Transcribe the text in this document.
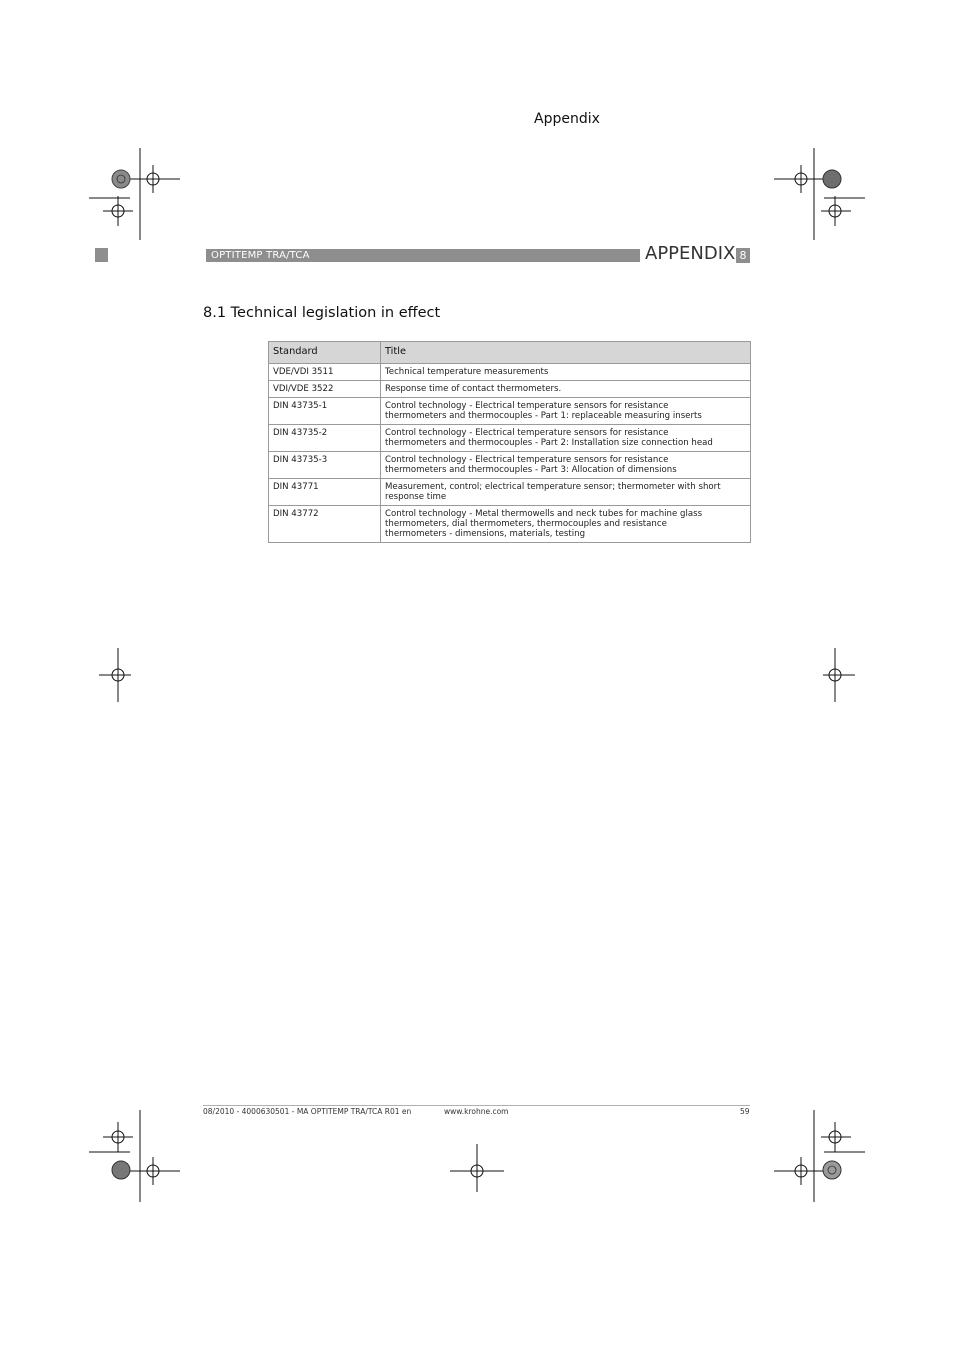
Appendix
OPTITEMP TRA/TCA	APPENDIX 8
8.1 Technical legislation in effect
Standard	Title
VDE/VDI 3511	Technical temperature measurements
VDI/VDE 3522	Response time of contact thermometers.
DIN 43735-1	Control technology - Electrical temperature sensors for resistance
thermometers and thermocouples - Part 1: replaceable measuring inserts

DIN 43735-2	Control technology - Electrical temperature sensors for resistance
thermometers and thermocouples - Part 2: Installation size connection head

DIN 43735-3	Control technology - Electrical temperature sensors for resistance
thermometers and thermocouples - Part 3: Allocation of dimensions

DIN 43771	Measurement, control; electrical temperature sensor; thermometer with short
response time

DIN 43772	Control technology - Metal thermowells and neck tubes for machine glass
thermometers, dial thermometers, thermocouples and resistance
thermometers - dimensions, materials, testing
08/2010 - 4000630501 - MA OPTITEMP TRA/TCA R01 en	www.krohne.com	59
